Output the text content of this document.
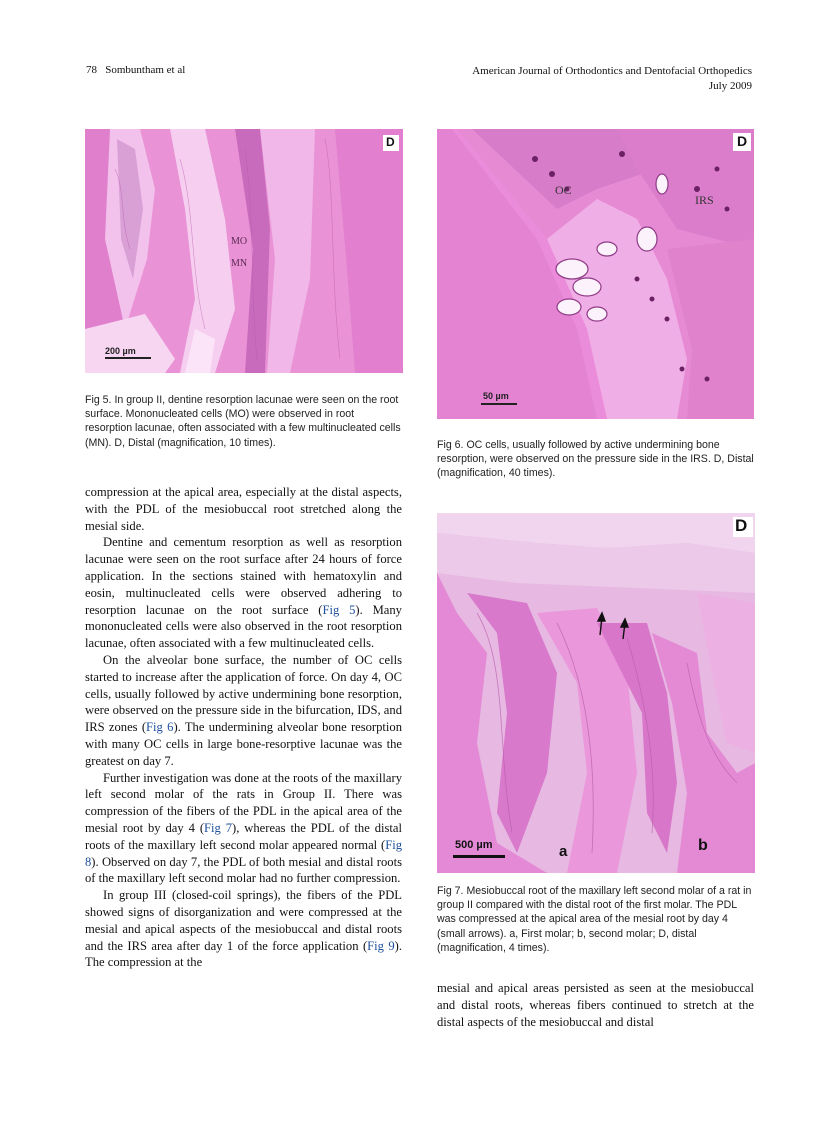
78 Sombuntham et al	American Journal of Orthodontics and Dentofacial Orthopedics
July 2009
D
MO
MN
200 µm
Fig 5. In group II, dentine resorption lacunae were seen on the root surface. Mononucleated cells (MO) were observed in root resorption lacunae, often associated with a few multinucleated cells (MN). D, Distal (magnification, 10 times).
D
OC
IRS
50 µm
Fig 6. OC cells, usually followed by active undermining bone resorption, were observed on the pressure side in the IRS. D, Distal (magnification, 40 times).
D
a	b
500 µm
Fig 7. Mesiobuccal root of the maxillary left second molar of a rat in group II compared with the distal root of the first molar. The PDL was compressed at the apical area of the mesial root by day 4 (small arrows). a, First molar; b, second molar; D, distal (magnification, 4 times).

compression at the apical area, especially at the distal aspects, with the PDL of the mesiobuccal root stretched along the mesial side.

Dentine and cementum resorption as well as resorption lacunae were seen on the root surface after 24 hours of force application. In the sections stained with hematoxylin and eosin, multinucleated cells were observed adhering to resorption lacunae on the root surface (Fig 5). Many mononucleated cells were also observed in the root resorption lacunae, often associated with a few multinucleated cells.

On the alveolar bone surface, the number of OC cells started to increase after the application of force. On day 4, OC cells, usually followed by active undermining bone resorption, were observed on the pressure side in the bifurcation, IDS, and IRS zones (Fig 6). The undermining alveolar bone resorption with many OC cells in large bone-resorptive lacunae was the greatest on day 7.

Further investigation was done at the roots of the maxillary left second molar of the rats in Group II. There was compression of the fibers of the PDL in the apical area of the mesial root by day 4 (Fig 7), whereas the PDL of the distal roots of the maxillary left second molar appeared normal (Fig 8). Observed on day 7, the PDL of both mesial and distal roots of the maxillary left second molar had no further compression.

In group III (closed-coil springs), the fibers of the PDL showed signs of disorganization and were compressed at the mesial and apical aspects of the mesiobuccal and distal roots and the IRS area after day 1 of the force application (Fig 9). The compression at the

mesial and apical areas persisted as seen at the mesiobuccal and distal roots, whereas fibers continued to stretch at the distal aspects of the mesiobuccal and distal
